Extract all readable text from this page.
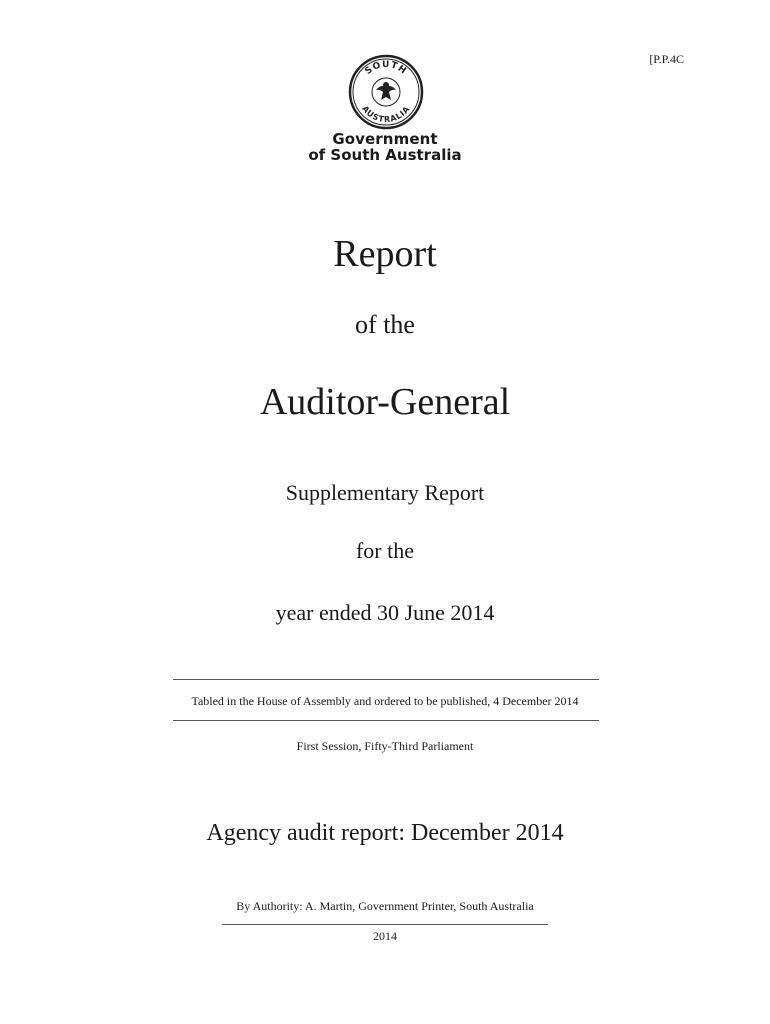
[P.P.4C
SOUTH
AUSTRALIA
Government
of South Australia
Report
of the
Auditor-General
Supplementary Report
for the
year ended 30 June 2014
Tabled in the House of Assembly and ordered to be published, 4 December 2014
First Session, Fifty-Third Parliament
Agency audit report: December 2014
By Authority: A. Martin, Government Printer, South Australia
2014
